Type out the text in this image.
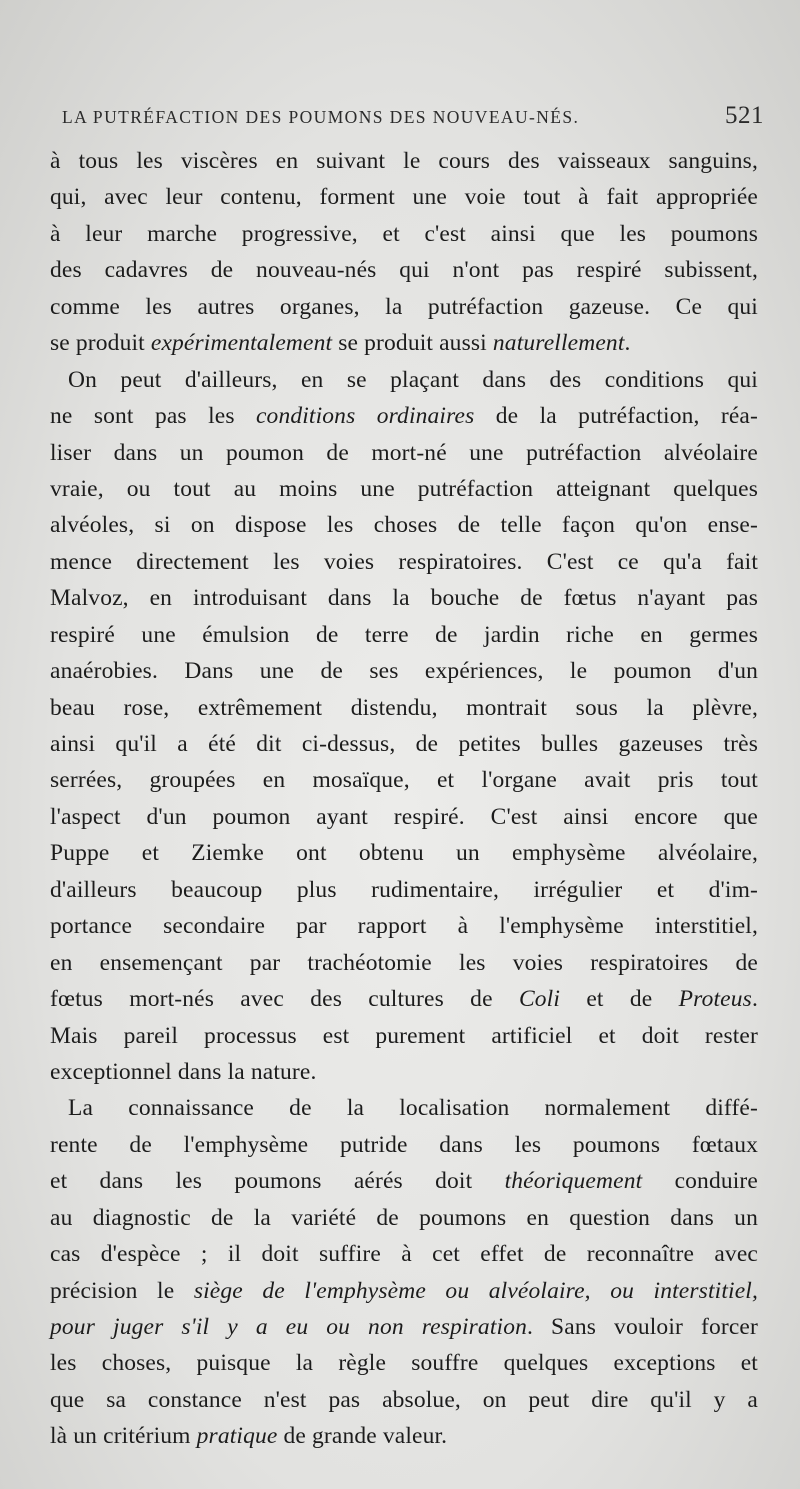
LA PUTRÉFACTION DES POUMONS DES NOUVEAU-NÉS.	521
à tous les viscères en suivant le cours des vaisseaux sanguins,
qui, avec leur contenu, forment une voie tout à fait appropriée
à leur marche progressive, et c'est ainsi que les poumons
des cadavres de nouveau-nés qui n'ont pas respiré subissent,
comme les autres organes, la putréfaction gazeuse. Ce qui
se produit expérimentalement se produit aussi naturellement.
On peut d'ailleurs, en se plaçant dans des conditions qui
ne sont pas les conditions ordinaires de la putréfaction, réa-
liser dans un poumon de mort-né une putréfaction alvéolaire
vraie, ou tout au moins une putréfaction atteignant quelques
alvéoles, si on dispose les choses de telle façon qu'on ense-
mence directement les voies respiratoires. C'est ce qu'a fait
Malvoz, en introduisant dans la bouche de fœtus n'ayant pas
respiré une émulsion de terre de jardin riche en germes
anaérobies. Dans une de ses expériences, le poumon d'un
beau rose, extrêmement distendu, montrait sous la plèvre,
ainsi qu'il a été dit ci-dessus, de petites bulles gazeuses très
serrées, groupées en mosaïque, et l'organe avait pris tout
l'aspect d'un poumon ayant respiré. C'est ainsi encore que
Puppe et Ziemke ont obtenu un emphysème alvéolaire,
d'ailleurs beaucoup plus rudimentaire, irrégulier et d'im-
portance secondaire par rapport à l'emphysème interstitiel,
en ensemençant par trachéotomie les voies respiratoires de
fœtus mort-nés avec des cultures de Coli et de Proteus.
Mais pareil processus est purement artificiel et doit rester
exceptionnel dans la nature.
La connaissance de la localisation normalement diffé-
rente de l'emphysème putride dans les poumons fœtaux
et dans les poumons aérés doit théoriquement conduire
au diagnostic de la variété de poumons en question dans un
cas d'espèce ; il doit suffire à cet effet de reconnaître avec
précision le siège de l'emphysème ou alvéolaire, ou interstitiel,
pour juger s'il y a eu ou non respiration. Sans vouloir forcer
les choses, puisque la règle souffre quelques exceptions et
que sa constance n'est pas absolue, on peut dire qu'il y a
là un critérium pratique de grande valeur.
